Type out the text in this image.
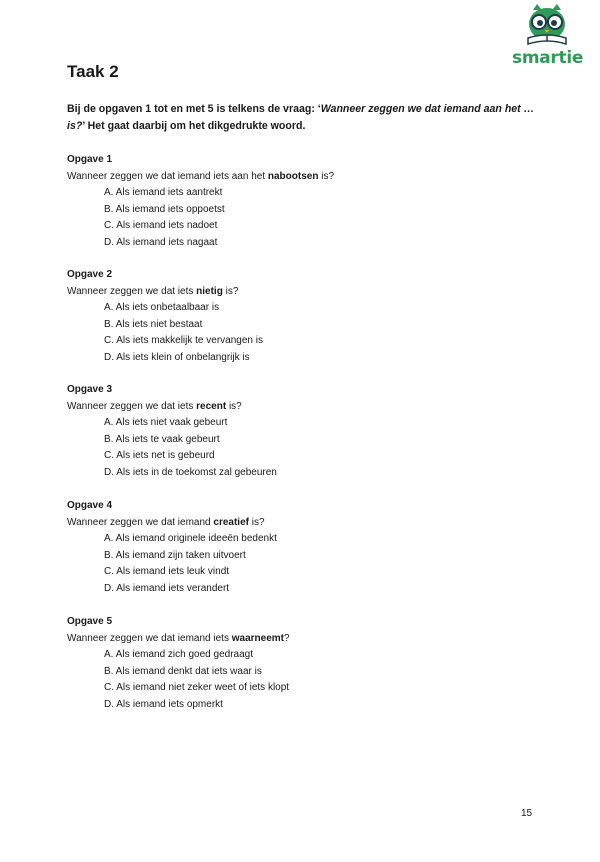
smartie
Taak 2

Bij de opgaven 1 tot en met 5 is telkens de vraag: ‘Wanneer zeggen we dat iemand aan het … is?’ Het gaat daarbij om het dikgedrukte woord.

Opgave 1
Wanneer zeggen we dat iemand iets aan het nabootsen is?
A. Als iemand iets aantrekt
B. Als iemand iets oppoetst
C. Als iemand iets nadoet
D. Als iemand iets nagaat
Opgave 2
Wanneer zeggen we dat iets nietig is?
A. Als iets onbetaalbaar is
B. Als iets niet bestaat
C. Als iets makkelijk te vervangen is
D. Als iets klein of onbelangrijk is
Opgave 3
Wanneer zeggen we dat iets recent is?
A. Als iets niet vaak gebeurt
B. Als iets te vaak gebeurt
C. Als iets net is gebeurd
D. Als iets in de toekomst zal gebeuren
Opgave 4
Wanneer zeggen we dat iemand creatief is?
A. Als iemand originele ideeën bedenkt
B. Als iemand zijn taken uitvoert
C. Als iemand iets leuk vindt
D. Als iemand iets verandert
Opgave 5
Wanneer zeggen we dat iemand iets waarneemt?
A. Als iemand zich goed gedraagt
B. Als iemand denkt dat iets waar is
C. Als iemand niet zeker weet of iets klopt
D. Als iemand iets opmerkt
15
